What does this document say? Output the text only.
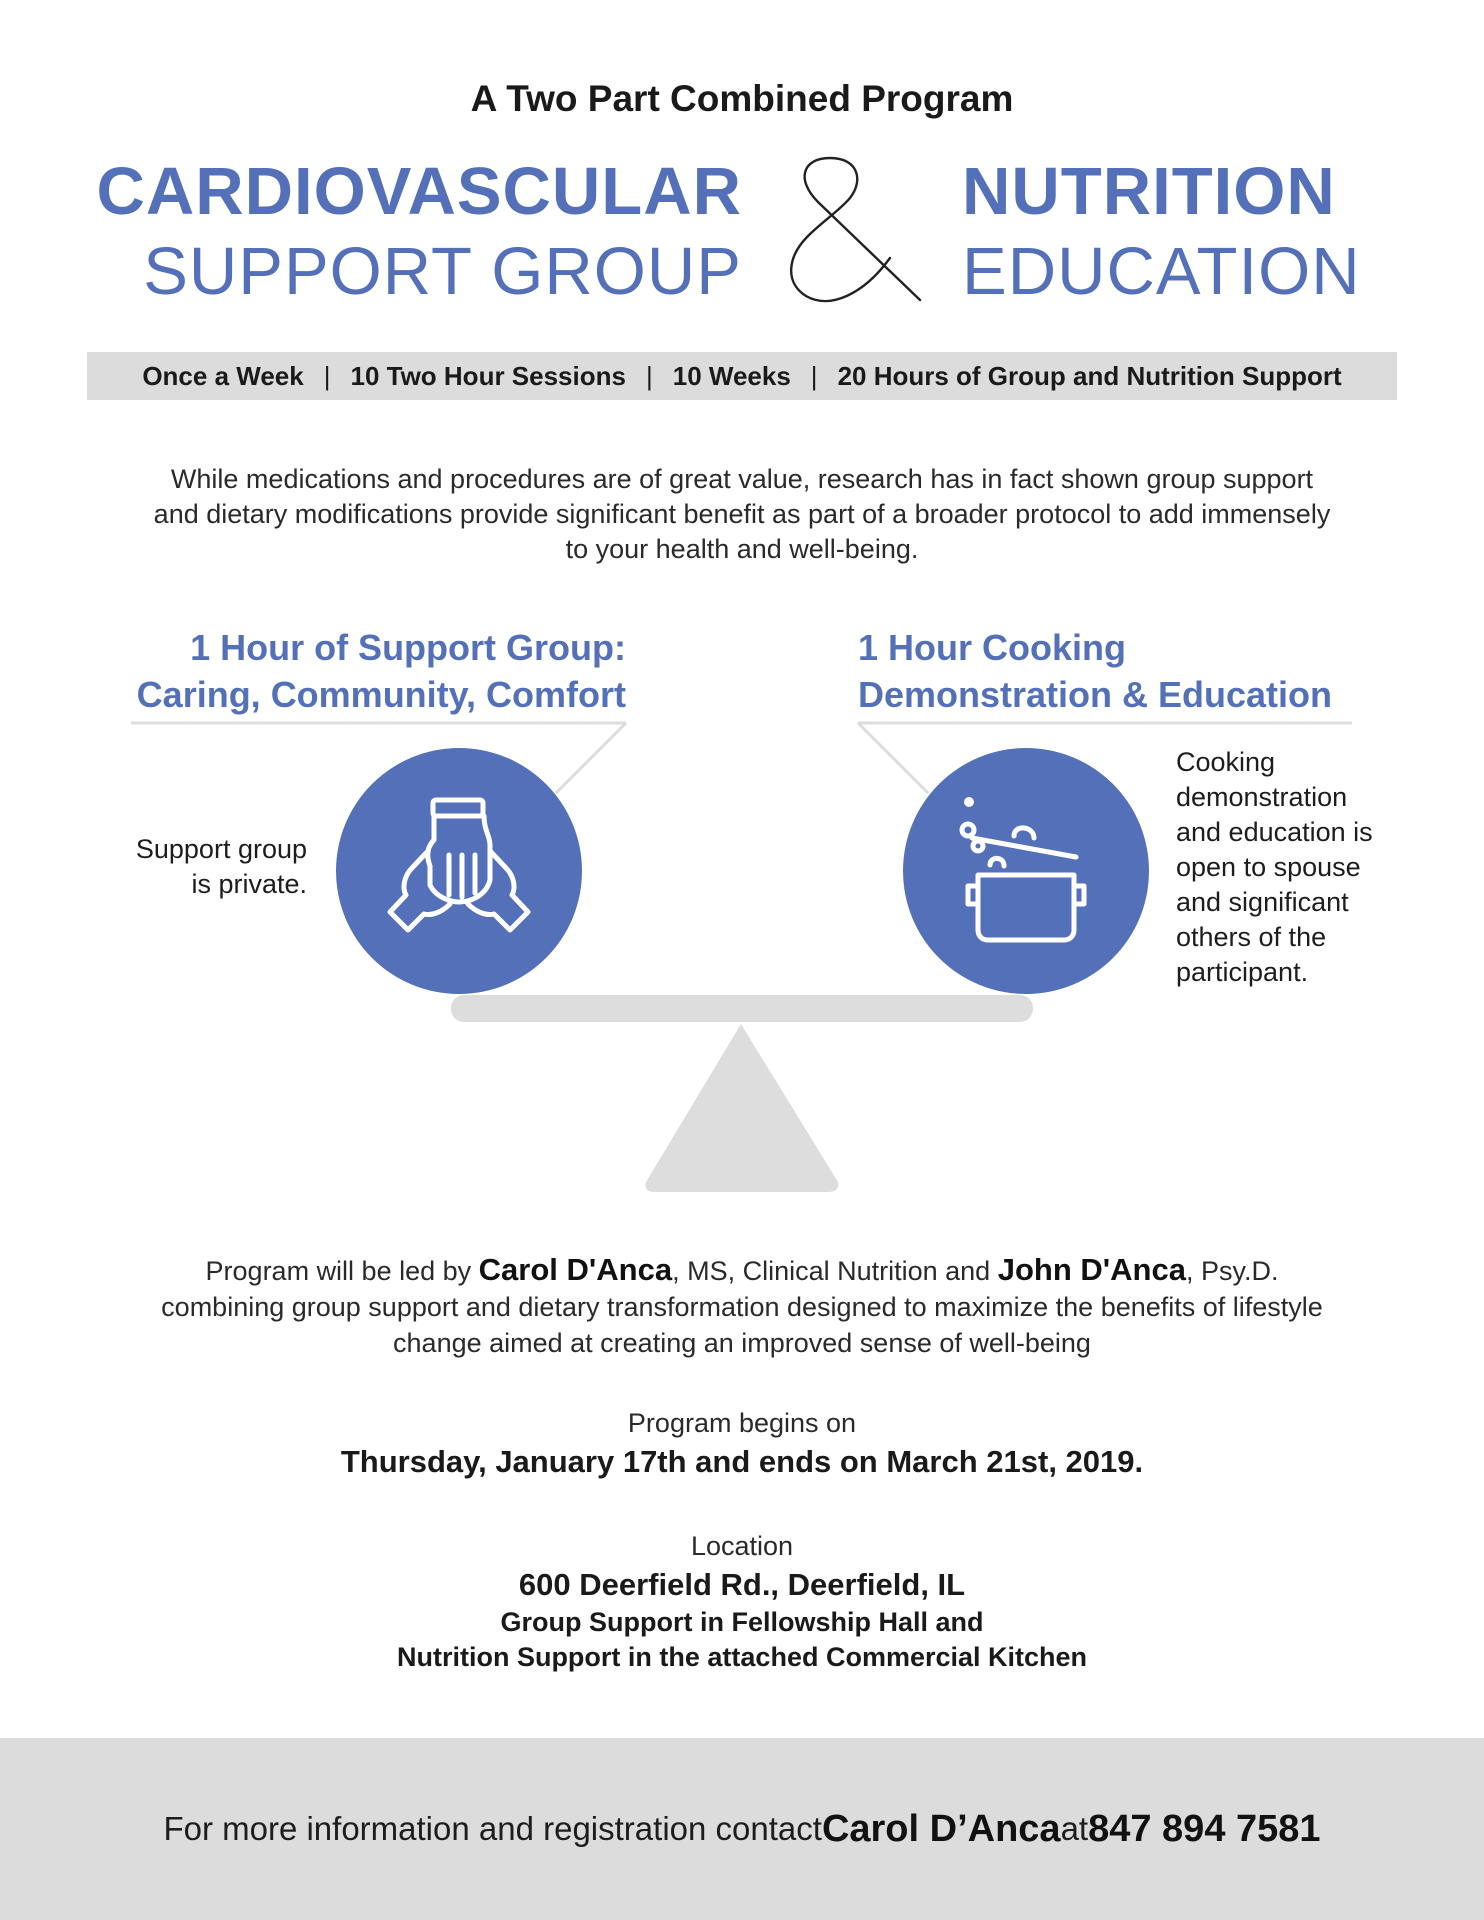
A Two Part Combined Program
CARDIOVASCULAR
SUPPORT GROUP
NUTRITION
EDUCATION
Once a Week | 10 Two Hour Sessions | 10 Weeks | 20 Hours of Group and Nutrition Support
While medications and procedures are of great value, research has in fact shown group support
and dietary modifications provide significant benefit as part of a broader protocol to add immensely
to your health and well-being.
1 Hour of Support Group:
Caring, Community, Comfort
1 Hour Cooking
Demonstration & Education
Support group
is private.
Cooking
demonstration
and education is
open to spouse
and significant
others of the
participant.
Program will be led by Carol D'Anca, MS, Clinical Nutrition and John D'Anca, Psy.D.
combining group support and dietary transformation designed to maximize the benefits of lifestyle
change aimed at creating an improved sense of well-being
Program begins on
Thursday, January 17th and ends on March 21st, 2019.
Location
600 Deerfield Rd., Deerfield, IL
Group Support in Fellowship Hall and
Nutrition Support in the attached Commercial Kitchen
For more information and registration contact Carol D’Anca at 847 894 7581
